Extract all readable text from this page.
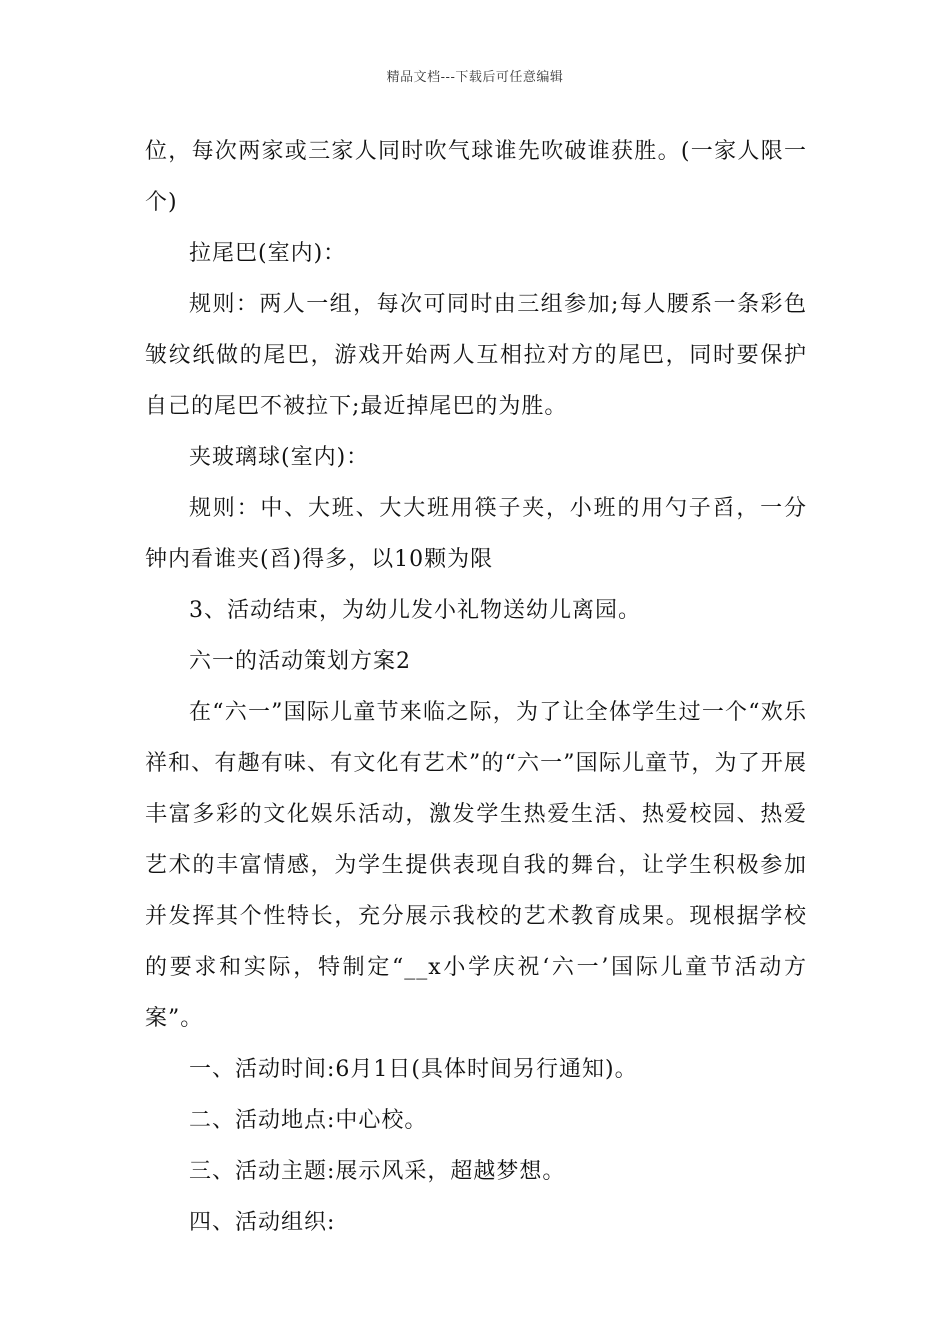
精品文档---下载后可任意编辑

位，每次两家或三家人同时吹气球谁先吹破谁获胜。(一家人限一个)

拉尾巴(室内)：

规则：两人一组，每次可同时由三组参加;每人腰系一条彩色皱纹纸做的尾巴，游戏开始两人互相拉对方的尾巴，同时要保护自己的尾巴不被拉下;最近掉尾巴的为胜。

夹玻璃球(室内)：

规则：中、大班、大大班用筷子夹，小班的用勺子舀，一分钟内看谁夹(舀)得多，以10颗为限

3、活动结束，为幼儿发小礼物送幼儿离园。

六一的活动策划方案2

在“六一”国际儿童节来临之际，为了让全体学生过一个“欢乐祥和、有趣有味、有文化有艺术”的“六一”国际儿童节，为了开展丰富多彩的文化娱乐活动，激发学生热爱生活、热爱校园、热爱艺术的丰富情感，为学生提供表现自我的舞台，让学生积极参加并发挥其个性特长，充分展示我校的艺术教育成果。现根据学校的要求和实际，特制定“__x小学庆祝‘六一’国际儿童节活动方案”。

一、活动时间:6月1日(具体时间另行通知)。

二、活动地点:中心校。

三、活动主题:展示风采，超越梦想。

四、活动组织:
